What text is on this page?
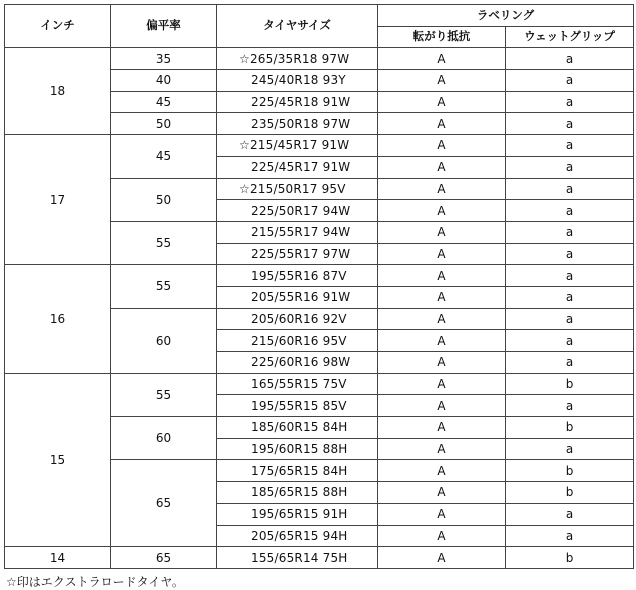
インチ	偏平率	タイヤサイズ	ラベリング	
			転がり抵抗	ウェットグリップ
18	35	☆265/35R18 97W	A	a
	40	245/40R18 93Y	A	a
	45	225/45R18 91W	A	a
	50	235/50R18 97W	A	a
17	45	☆215/45R17 91W	A	a
		225/45R17 91W	A	a
	50	☆215/50R17 95V	A	a
		225/50R17 94W	A	a
	55	215/55R17 94W	A	a
		225/55R17 97W	A	a
16	55	195/55R16 87V	A	a
		205/55R16 91W	A	a
	60	205/60R16 92V	A	a
		215/60R16 95V	A	a
		225/60R16 98W	A	a
15	55	165/55R15 75V	A	b
		195/55R15 85V	A	a
	60	185/60R15 84H	A	b
		195/60R15 88H	A	a
	65	175/65R15 84H	A	b
		185/65R15 88H	A	b
		195/65R15 91H	A	a
		205/65R15 94H	A	a
14	65	155/65R14 75H	A	b
☆印はエクストラロードタイヤ。
